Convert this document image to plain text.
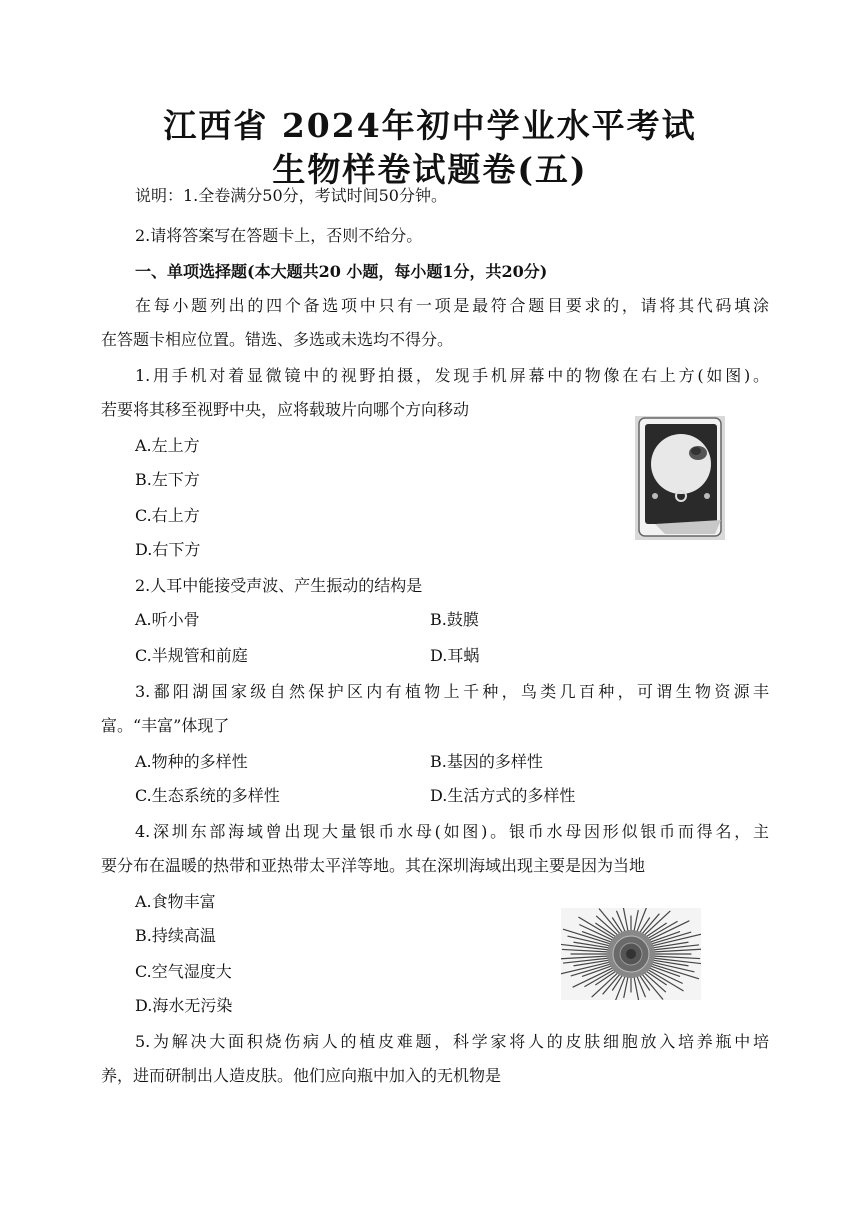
江西省 2024年初中学业水平考试
生物样卷试题卷(五)
说明：1.全卷满分50分，考试时间50分钟。
2.请将答案写在答题卡上，否则不给分。
一、单项选择题(本大题共20 小题，每小题1分，共20分)
在每小题列出的四个备选项中只有一项是最符合题目要求的，请将其代码填涂
在答题卡相应位置。错选、多选或未选均不得分。
1.用手机对着显微镜中的视野拍摄，发现手机屏幕中的物像在右上方(如图)。
若要将其移至视野中央，应将载玻片向哪个方向移动
A.左上方
B.左下方
C.右上方
D.右下方
2.人耳中能接受声波、产生振动的结构是
A.听小骨	B.鼓膜
C.半规管和前庭	D.耳蜗
3.鄱阳湖国家级自然保护区内有植物上千种，鸟类几百种，可谓生物资源丰
富。“丰富”体现了
A.物种的多样性	B.基因的多样性
C.生态系统的多样性	D.生活方式的多样性
4.深圳东部海域曾出现大量银币水母(如图)。银币水母因形似银币而得名，主
要分布在温暖的热带和亚热带太平洋等地。其在深圳海域出现主要是因为当地
A.食物丰富
B.持续高温
C.空气湿度大
D.海水无污染
5.为解决大面积烧伤病人的植皮难题，科学家将人的皮肤细胞放入培养瓶中培
养，进而研制出人造皮肤。他们应向瓶中加入的无机物是
